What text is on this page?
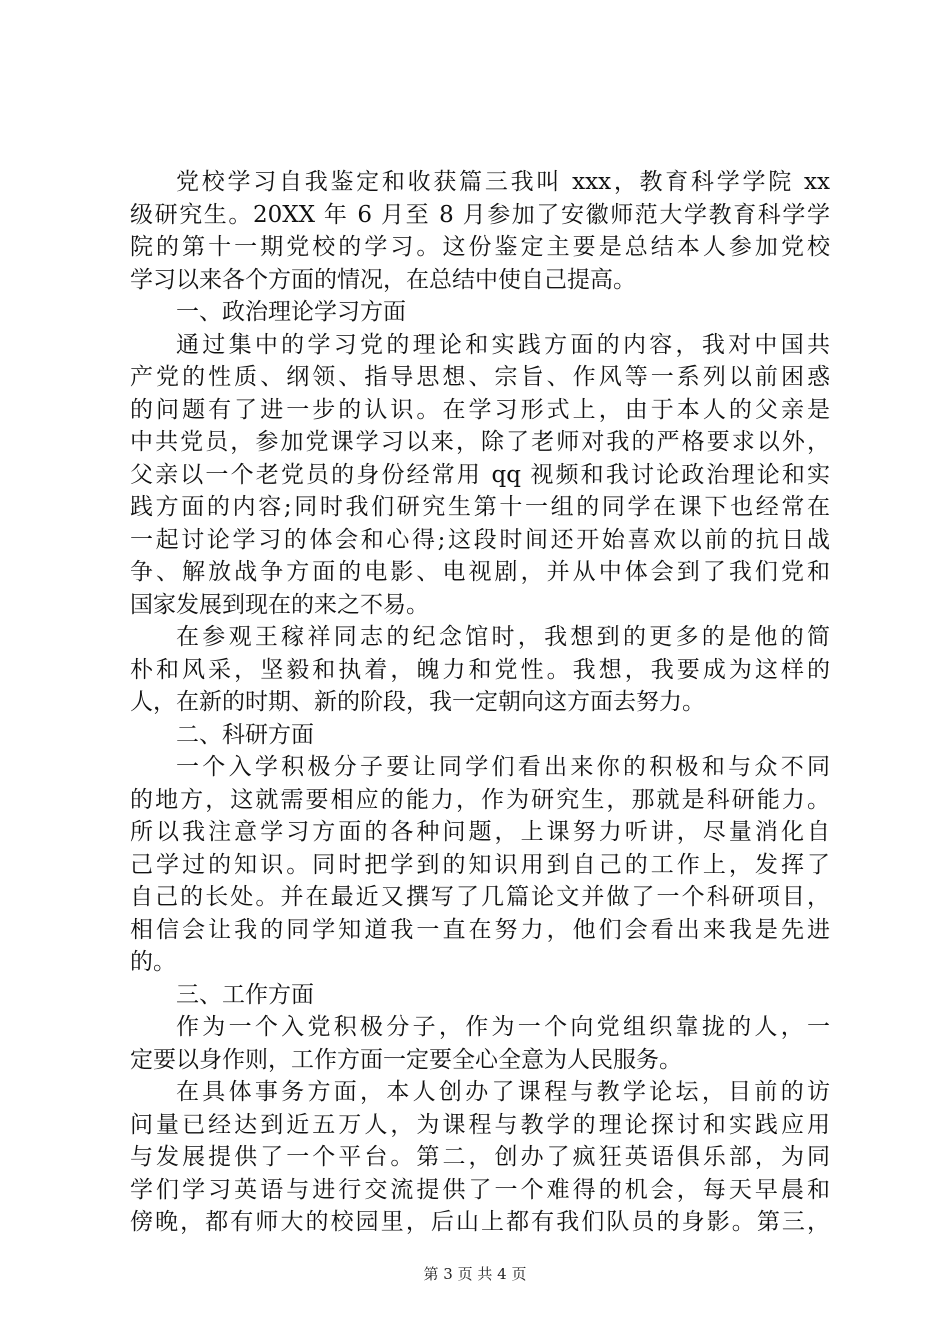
党校学习自我鉴定和收获篇三我叫 xxx，教育科学学院 xx
级研究生。20XX 年 6 月至 8 月参加了安徽师范大学教育科学学
院的第十一期党校的学习。这份鉴定主要是总结本人参加党校
学习以来各个方面的情况，在总结中使自己提高。
一、政治理论学习方面
通过集中的学习党的理论和实践方面的内容，我对中国共
产党的性质、纲领、指导思想、宗旨、作风等一系列以前困惑
的问题有了进一步的认识。在学习形式上，由于本人的父亲是
中共党员，参加党课学习以来，除了老师对我的严格要求以外，
父亲以一个老党员的身份经常用 qq 视频和我讨论政治理论和实
践方面的内容;同时我们研究生第十一组的同学在课下也经常在
一起讨论学习的体会和心得;这段时间还开始喜欢以前的抗日战
争、解放战争方面的电影、电视剧，并从中体会到了我们党和
国家发展到现在的来之不易。
在参观王稼祥同志的纪念馆时，我想到的更多的是他的简
朴和风采，坚毅和执着，魄力和党性。我想，我要成为这样的
人，在新的时期、新的阶段，我一定朝向这方面去努力。
二、科研方面
一个入学积极分子要让同学们看出来你的积极和与众不同
的地方，这就需要相应的能力，作为研究生，那就是科研能力。
所以我注意学习方面的各种问题，上课努力听讲，尽量消化自
己学过的知识。同时把学到的知识用到自己的工作上，发挥了
自己的长处。并在最近又撰写了几篇论文并做了一个科研项目，
相信会让我的同学知道我一直在努力，他们会看出来我是先进
的。
三、工作方面
作为一个入党积极分子，作为一个向党组织靠拢的人，一
定要以身作则，工作方面一定要全心全意为人民服务。
在具体事务方面，本人创办了课程与教学论坛，目前的访
问量已经达到近五万人，为课程与教学的理论探讨和实践应用
与发展提供了一个平台。第二，创办了疯狂英语俱乐部，为同
学们学习英语与进行交流提供了一个难得的机会，每天早晨和
傍晚，都有师大的校园里，后山上都有我们队员的身影。第三，
第 3 页 共 4 页
